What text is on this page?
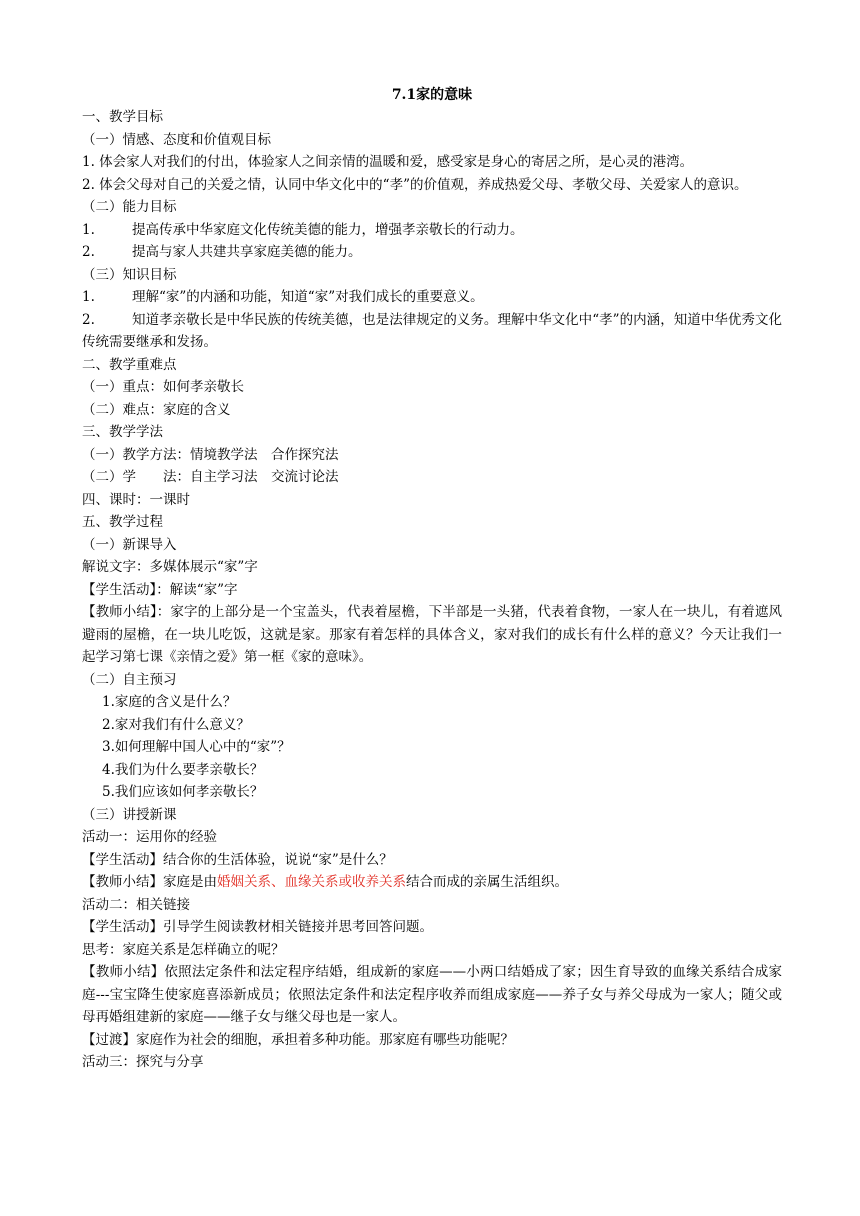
7.1家的意味

一、教学目标

（一）情感、态度和价值观目标

1. 体会家人对我们的付出，体验家人之间亲情的温暖和爱，感受家是身心的寄居之所，是心灵的港湾。

2. 体会父母对自己的关爱之情，认同中华文化中的“孝”的价值观，养成热爱父母、孝敬父母、关爱家人的意识。

（二）能力目标

1.	提高传承中华家庭文化传统美德的能力，增强孝亲敬长的行动力。

2.	提高与家人共建共享家庭美德的能力。

（三）知识目标

1.	理解“家”的内涵和功能，知道“家”对我们成长的重要意义。

2.	知道孝亲敬长是中华民族的传统美德，也是法律规定的义务。理解中华文化中“孝”的内涵，知道中华优秀文化传统需要继承和发扬。

二、教学重难点

（一）重点：如何孝亲敬长

（二）难点：家庭的含义

三、教学学法

（一）教学方法：情境教学法　合作探究法

（二）学　　法：自主学习法　交流讨论法

四、课时：一课时

五、教学过程

（一）新课导入

解说文字：多媒体展示“家”字

【学生活动】：解读“家”字

【教师小结】：家字的上部分是一个宝盖头，代表着屋檐，下半部是一头猪，代表着食物，一家人在一块儿，有着遮风避雨的屋檐，在一块儿吃饭，这就是家。那家有着怎样的具体含义，家对我们的成长有什么样的意义？今天让我们一起学习第七课《亲情之爱》第一框《家的意味》。

（二）自主预习

1.家庭的含义是什么？

2.家对我们有什么意义？

3.如何理解中国人心中的“家”？

4.我们为什么要孝亲敬长？

5.我们应该如何孝亲敬长？

（三）讲授新课

活动一：运用你的经验

【学生活动】结合你的生活体验，说说“家”是什么？

【教师小结】家庭是由婚姻关系、血缘关系或收养关系结合而成的亲属生活组织。

活动二：相关链接

【学生活动】引导学生阅读教材相关链接并思考回答问题。

思考：家庭关系是怎样确立的呢？

【教师小结】依照法定条件和法定程序结婚，组成新的家庭——小两口结婚成了家；因生育导致的血缘关系结合成家庭---宝宝降生使家庭喜添新成员；依照法定条件和法定程序收养而组成家庭——养子女与养父母成为一家人；随父或母再婚组建新的家庭——继子女与继父母也是一家人。

【过渡】家庭作为社会的细胞，承担着多种功能。那家庭有哪些功能呢？

活动三：探究与分享
